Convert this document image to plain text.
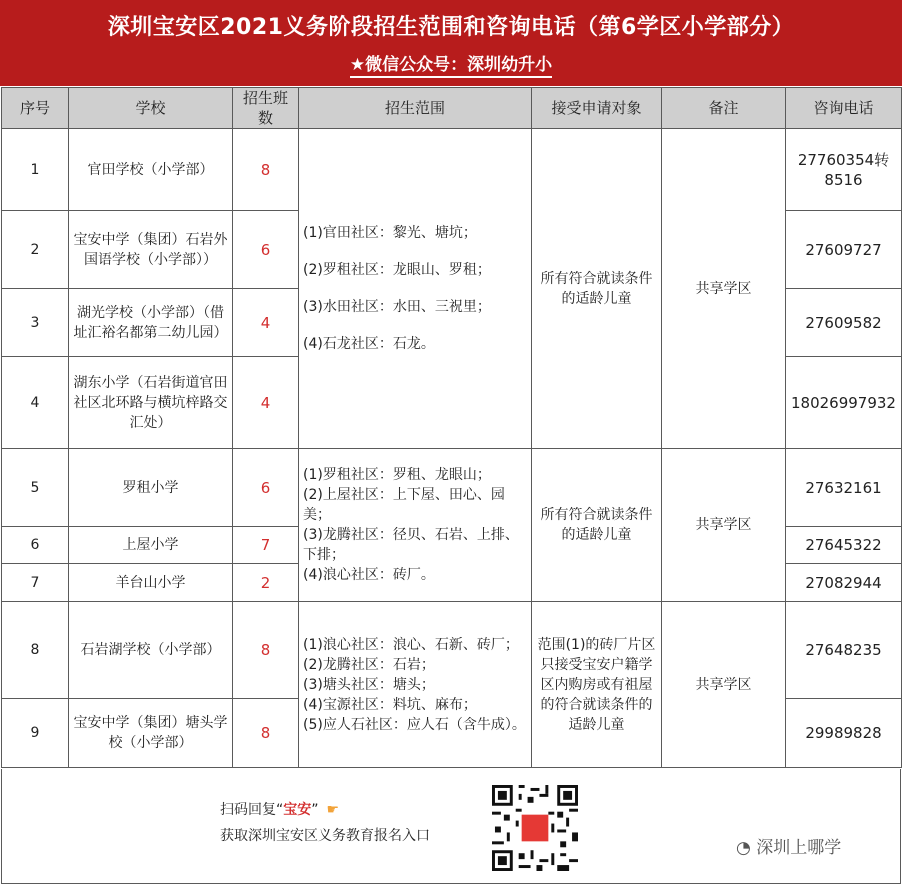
深圳宝安区2021义务阶段招生范围和咨询电话（第6学区小学部分）
★微信公众号：深圳幼升小
序号	学校	招生班数	招生范围	接受申请对象	备注	咨询电话
1	官田学校（小学部）	8	(1)官田社区：黎光、塘坑；
(2)罗租社区：龙眼山、罗租；
(3)水田社区：水田、三祝里；
(4)石龙社区：石龙。	所有符合就读条件的适龄儿童	共享学区	27760354转8516
2	宝安中学（集团）石岩外国语学校（小学部））	6				27609727
3	湖光学校（小学部）（借址汇裕名都第二幼儿园）	4				27609582
4	湖东小学（石岩街道官田社区北环路与横坑梓路交汇处）	4				18026997932
5	罗租小学	6	(1)罗租社区：罗租、龙眼山；
(2)上屋社区：上下屋、田心、园美；
(3)龙腾社区：径贝、石岩、上排、下排；
(4)浪心社区：砖厂。	所有符合就读条件的适龄儿童	共享学区	27632161
6	上屋小学	7				27645322
7	羊台山小学	2				27082944
8	石岩湖学校（小学部）	8	(1)浪心社区：浪心、石新、砖厂；
(2)龙腾社区：石岩；
(3)塘头社区：塘头；
(4)宝源社区：料坑、麻布；
(5)应人石社区：应人石（含牛成）。	范围(1)的砖厂片区只接受宝安户籍学区内购房或有祖屋的符合就读条件的适龄儿童	共享学区	27648235
9	宝安中学（集团）塘头学校（小学部）	8				29989828
扫码回复“宝安” ☛
获取深圳宝安区义务教育报名入口
◔ 深圳上哪学
